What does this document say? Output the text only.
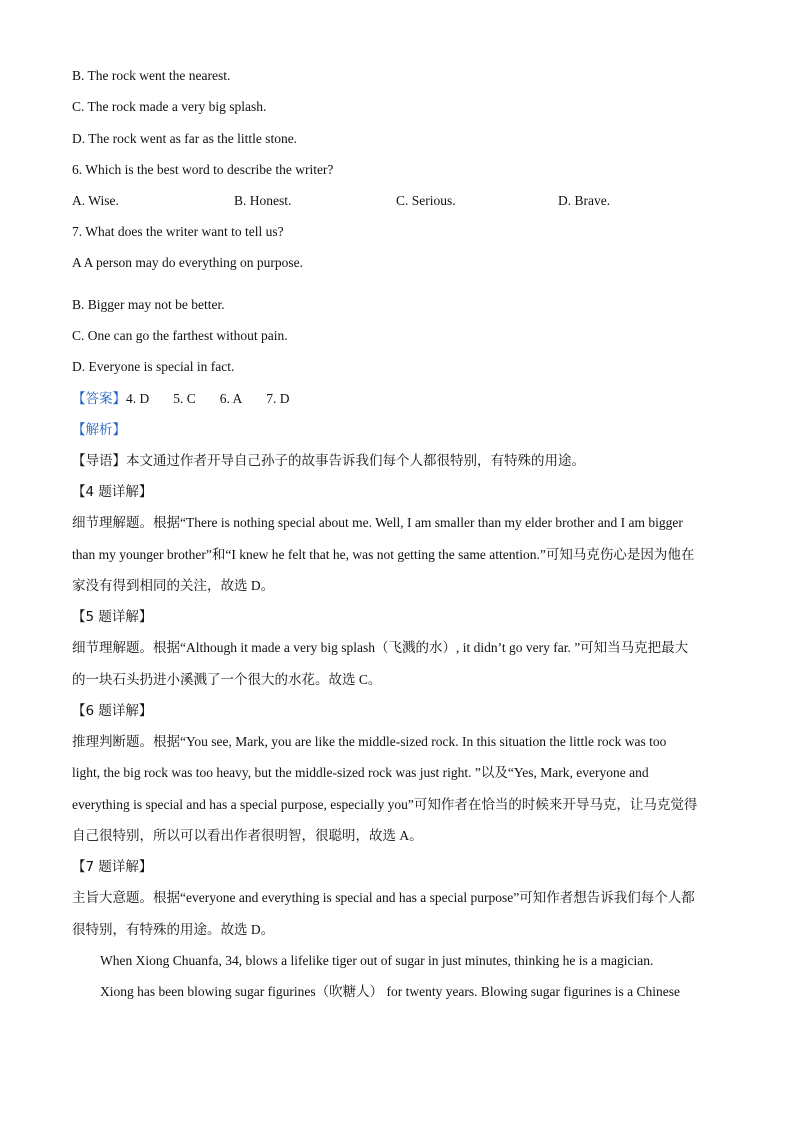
B. The rock went the nearest.
C. The rock made a very big splash.
D. The rock went as far as the little stone.
6. Which is the best word to describe the writer?
A. Wise.	B. Honest.	C. Serious.	D. Brave.
7. What does the writer want to tell us?
A A person may do everything on purpose.
B. Bigger may not be better.
C. One can go the farthest without pain.
D. Everyone is special in fact.
【答案】4. D 5. C 6. A 7. D
【解析】
【导语】本文通过作者开导自己孙子的故事告诉我们每个人都很特别，有特殊的用途。
【4 题详解】
细节理解题。根据“There is nothing special about me. Well, I am smaller than my elder brother and I am bigger
than my younger brother”和“I knew he felt that he, was not getting the same attention.”可知马克伤心是因为他在
家没有得到相同的关注，故选 D。
【5 题详解】
细节理解题。根据“Although it made a very big splash（飞溅的水）, it didn’t go very far. ”可知当马克把最大
的一块石头扔进小溪溅了一个很大的水花。故选 C。
【6 题详解】
推理判断题。根据“You see, Mark, you are like the middle-sized rock. In this situation the little rock was too
light, the big rock was too heavy, but the middle-sized rock was just right. ”以及“Yes, Mark, everyone and
everything is special and has a special purpose, especially you”可知作者在恰当的时候来开导马克，让马克觉得
自己很特别，所以可以看出作者很明智，很聪明，故选 A。
【7 题详解】
主旨大意题。根据“everyone and everything is special and has a special purpose”可知作者想告诉我们每个人都
很特别，有特殊的用途。故选 D。
When Xiong Chuanfa, 34, blows a lifelike tiger out of sugar in just minutes, thinking he is a magician.
Xiong has been blowing sugar figurines（吹糖人） for twenty years. Blowing sugar figurines is a Chinese
